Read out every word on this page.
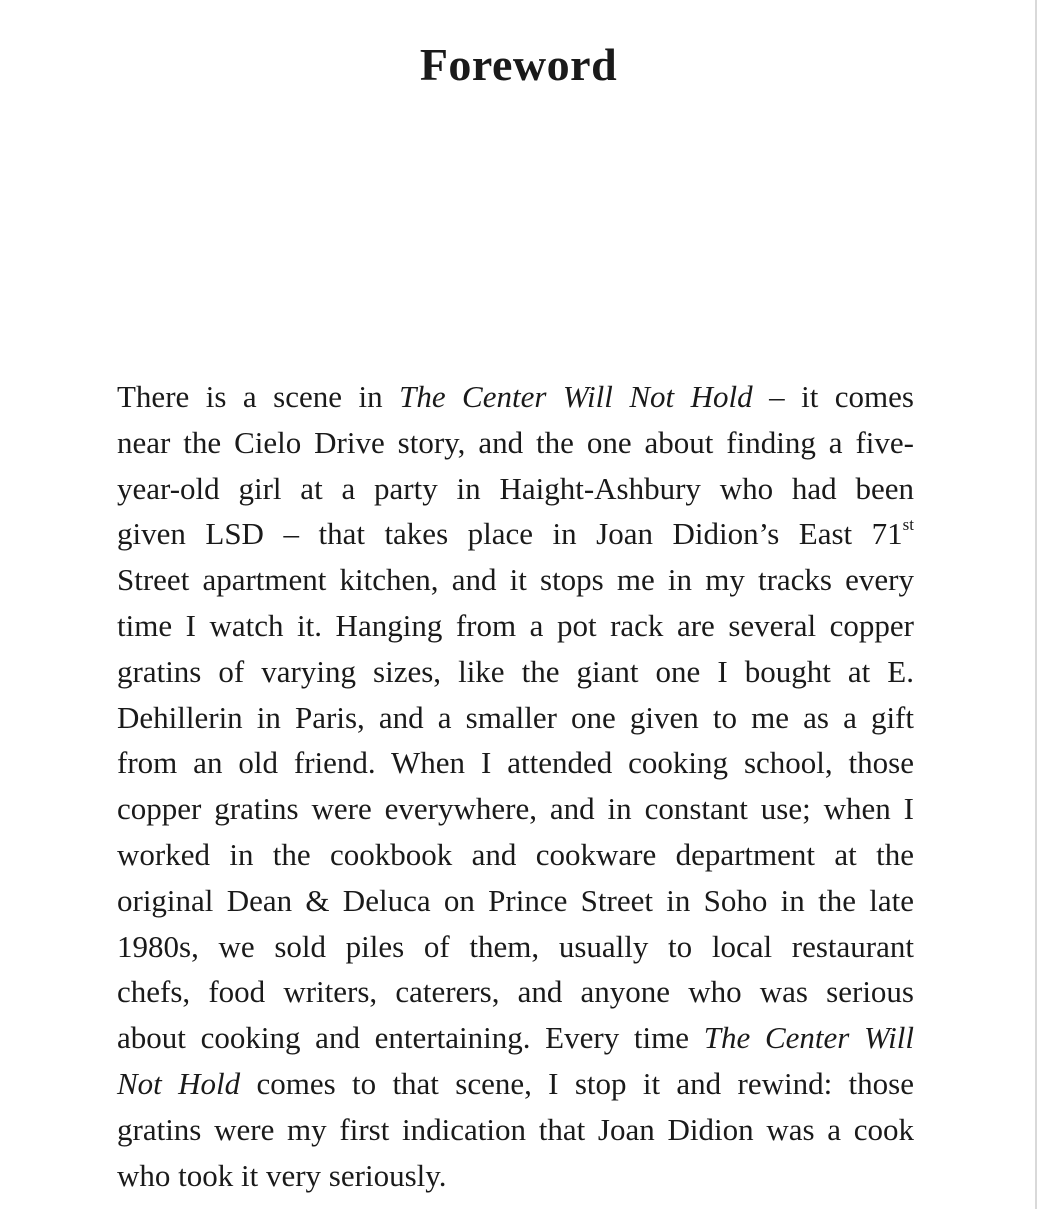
Foreword

There is a scene in The Center Will Not Hold – it comes
near the Cielo Drive story, and the one about finding a five-
year-old girl at a party in Haight-Ashbury who had been
given LSD – that takes place in Joan Didion’s East 71st
Street apartment kitchen, and it stops me in my tracks every
time I watch it. Hanging from a pot rack are several copper
gratins of varying sizes, like the giant one I bought at E.
Dehillerin in Paris, and a smaller one given to me as a gift
from an old friend. When I attended cooking school, those
copper gratins were everywhere, and in constant use; when I
worked in the cookbook and cookware department at the
original Dean & Deluca on Prince Street in Soho in the late
1980s, we sold piles of them, usually to local restaurant
chefs, food writers, caterers, and anyone who was serious
about cooking and entertaining. Every time The Center Will
Not Hold comes to that scene, I stop it and rewind: those
gratins were my first indication that Joan Didion was a cook
who took it very seriously.
